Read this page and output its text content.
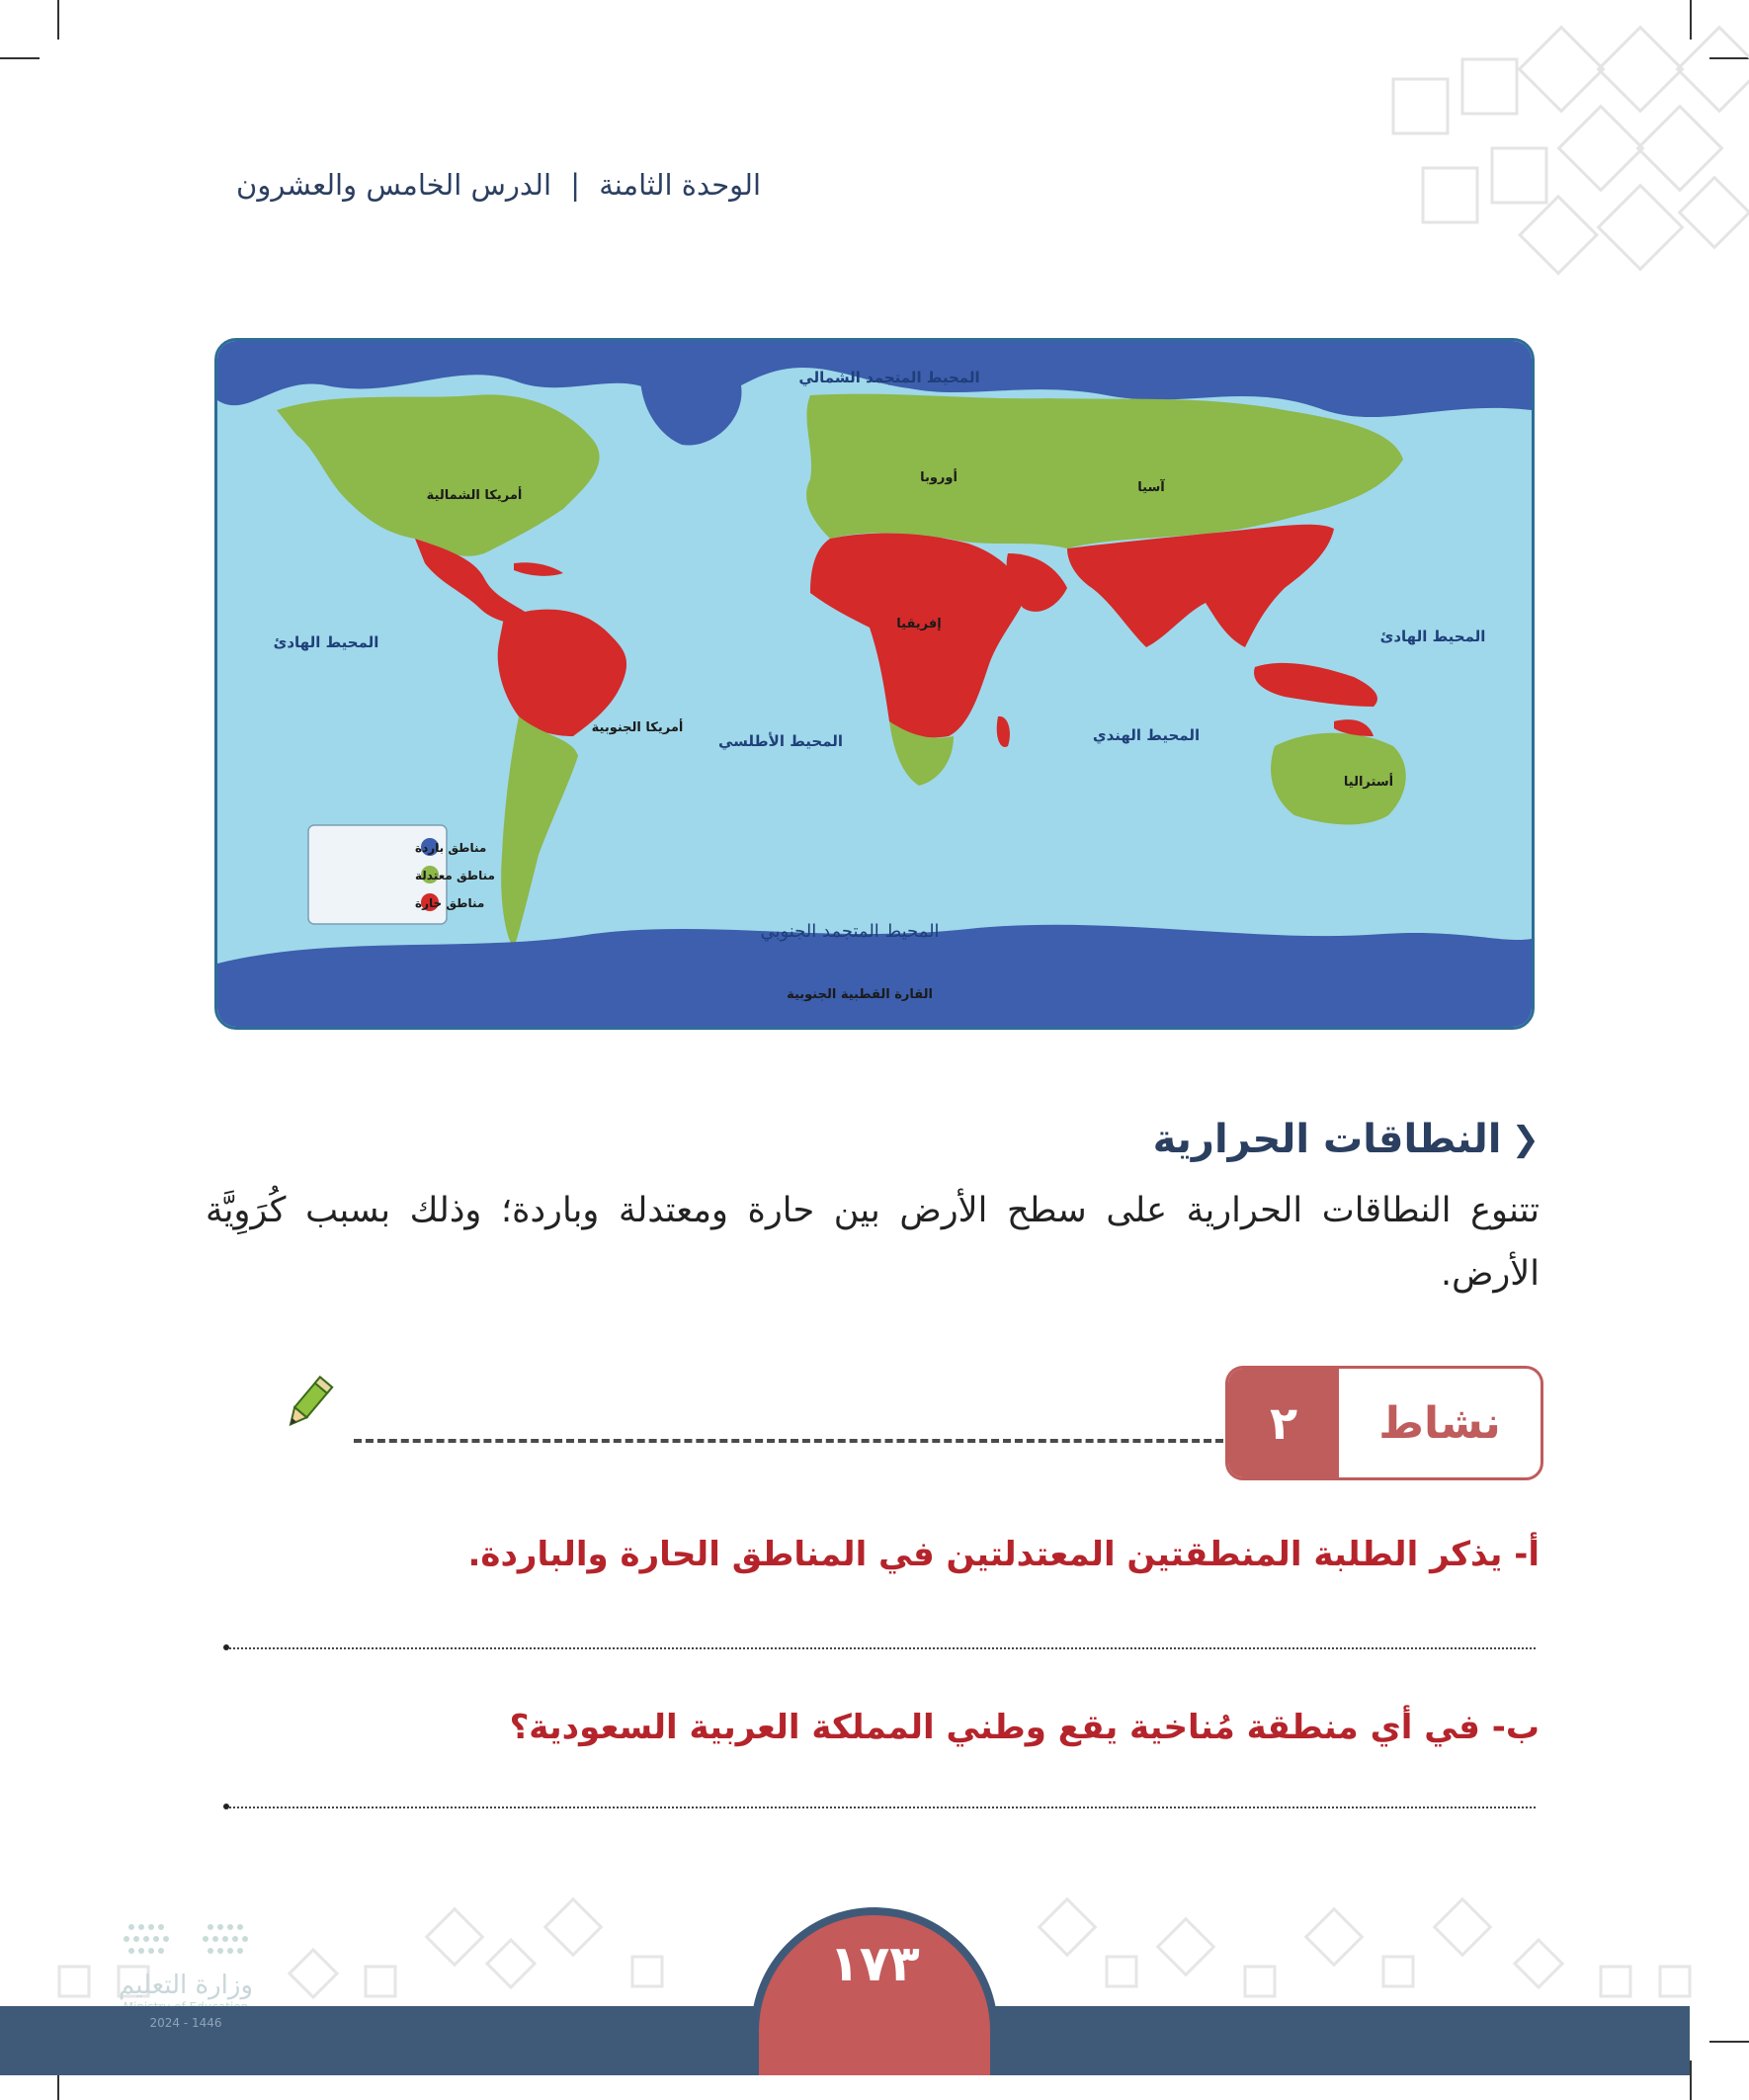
الوحدة الثامنة | الدرس الخامس والعشرون
المحيط المتجمد الشمالي
المحيط الهادئ	المحيط الهادئ
المحيط الأطلسي	المحيط الهندي
المحيط المتجمد الجنوبي
أمريكا الشمالية
أمريكا الجنوبية
أوروبا
آسيا
إفريقيا
أستراليا
القارة القطبية الجنوبية
مناطق باردة
مناطق معتدلة
مناطق حارة
❮
النطاقات الحرارية
تتنوع النطاقات الحرارية على سطح الأرض بين حارة ومعتدلة وباردة؛ وذلك بسبب كُرَوِيَّة الأرض.
نشاط
٢
أ- يذكر الطلبة المنطقتين المعتدلتين في المناطق الحارة والباردة.
ب- في أي منطقة مُناخية يقع وطني المملكة العربية السعودية؟
وزارة التعليم
2024 - 1446
١٧٣
